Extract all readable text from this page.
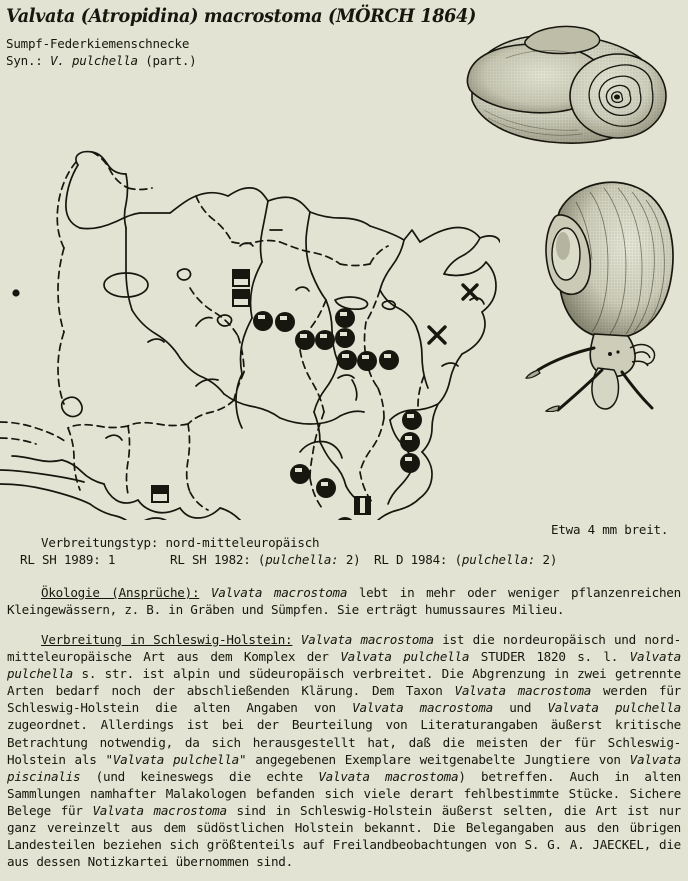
Valvata (Atropidina) macrostoma (MÖRCH 1864)
Sumpf-Federkiemenschnecke
Syn.: V. pulchella (part.)
Etwa 4 mm breit.
Verbreitungstyp: nord-mitteleuropäisch
RL SH 1989: 1	RL SH 1982: (pulchella: 2) RL D 1984: (pulchella: 2)
Ökologie (Ansprüche): Valvata macrostoma lebt in mehr oder weniger pflanzenreichen Kleingewässern, z. B. in Gräben und Sümpfen. Sie erträgt humussaures Milieu.
Verbreitung in Schleswig-Holstein: Valvata macrostoma ist die nordeuropäisch und nord-mitteleuropäische Art aus dem Komplex der Valvata pulchella STUDER 1820 s. l. Valvata pulchella s. str. ist alpin und südeuropäisch verbreitet. Die Abgrenzung in zwei getrennte Arten bedarf noch der abschließenden Klärung. Dem Taxon Valvata macrostoma werden für Schleswig-Holstein die alten Angaben von Valvata macrostoma und Valvata pulchella zugeordnet. Allerdings ist bei der Beurteilung von Literaturangaben äußerst kritische Betrachtung notwendig, da sich herausgestellt hat, daß die meisten der für Schleswig-Holstein als "Valvata pulchella" angegebenen Exemplare weitgenabelte Jungtiere von Valvata piscinalis (und keineswegs die echte Valvata macrostoma) betreffen. Auch in alten Sammlungen namhafter Malakologen befanden sich viele derart fehlbestimmte Stücke. Sichere Belege für Valvata macrostoma sind in Schleswig-Holstein äußerst selten, die Art ist nur ganz vereinzelt aus dem südöstlichen Holstein bekannt. Die Belegangaben aus den übrigen Landesteilen beziehen sich größtenteils auf Freilandbeobachtungen von S. G. A. JAECKEL, die aus dessen Notizkartei übernommen sind.
